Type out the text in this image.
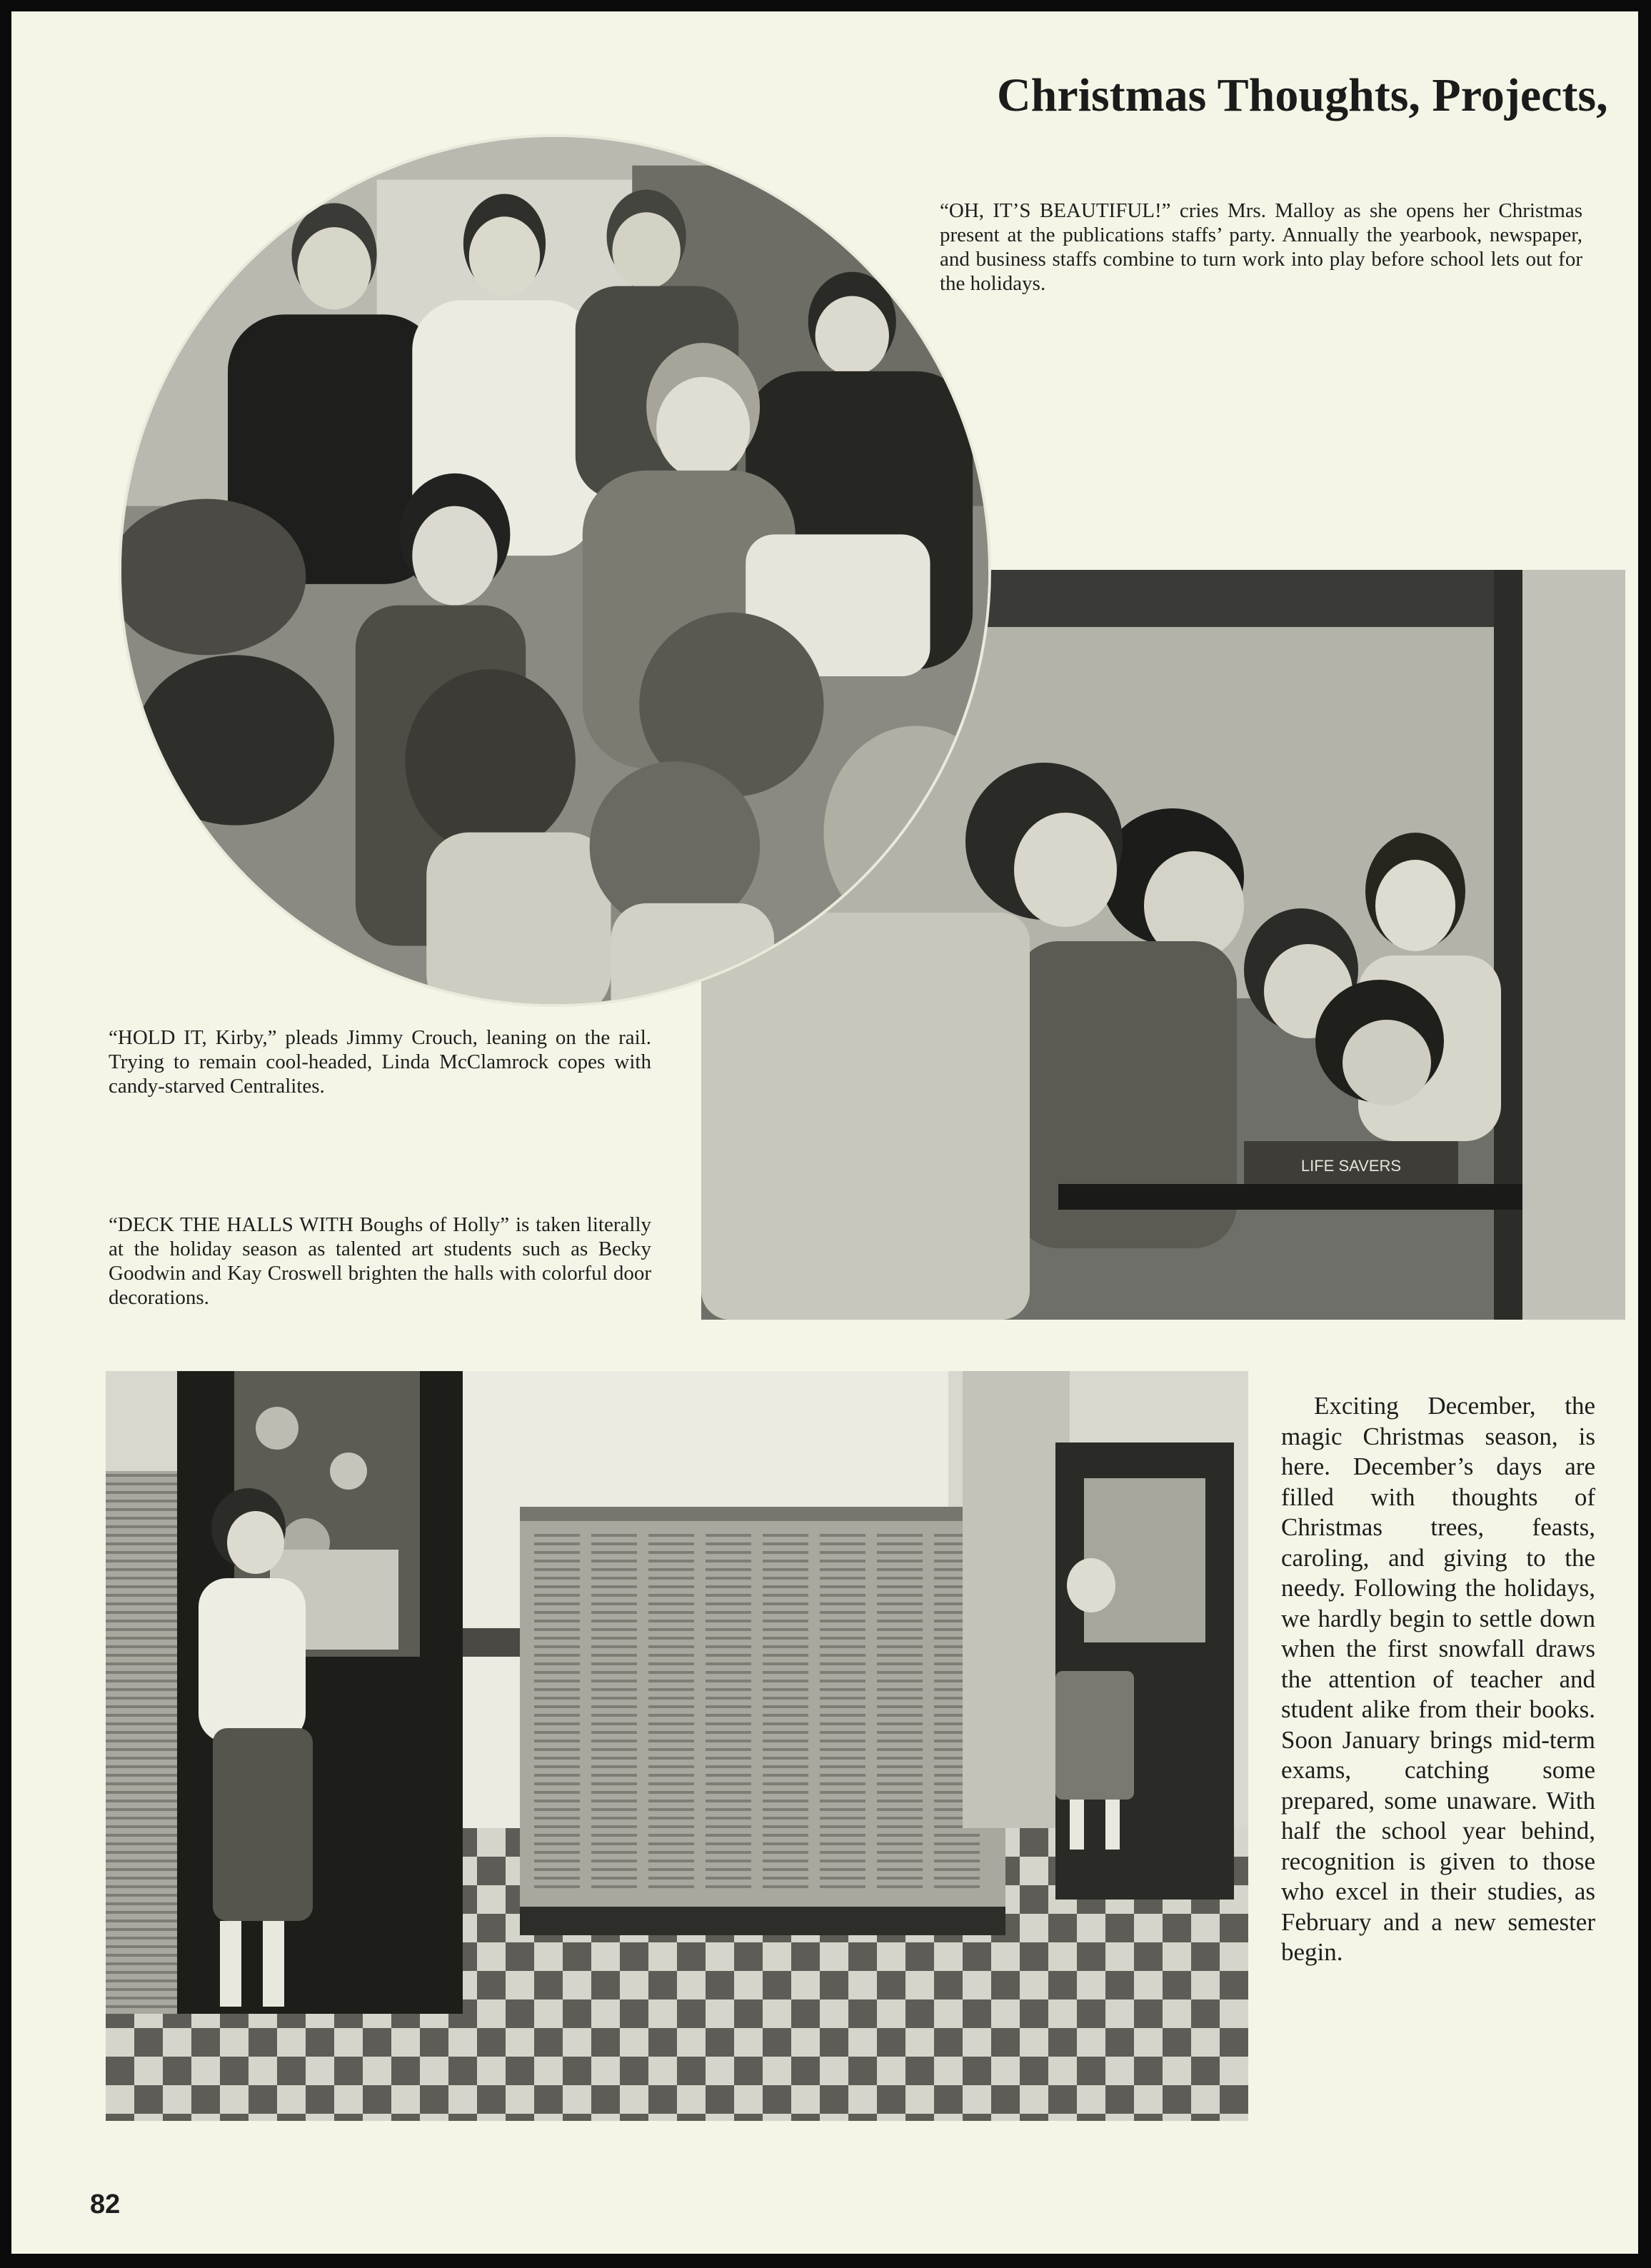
Christmas Thoughts, Projects,
“OH, IT’S BEAUTIFUL!” cries Mrs. Malloy as she opens her Christmas present at the publications staffs’ party. Annually the yearbook, newspaper, and business staffs combine to turn work into play before school lets out for the holidays.
LIFE SAVERS
“HOLD IT, Kirby,” pleads Jimmy Crouch, leaning on the rail. Trying to remain cool-headed, Linda McClamrock copes with candy-starved Centralites.
“DECK THE HALLS WITH Boughs of Holly” is taken literally at the holiday season as talented art students such as Becky Goodwin and Kay Croswell brighten the halls with colorful door decorations.
Exciting December, the magic Christmas season, is here. December’s days are filled with thoughts of Christmas trees, feasts, caroling, and giving to the needy. Following the holidays, we hardly begin to settle down when the first snowfall draws the attention of teacher and student alike from their books. Soon January brings mid-term exams, catching some prepared, some unaware. With half the school year behind, recognition is given to those who excel in their studies, as February and a new semester begin.
82
